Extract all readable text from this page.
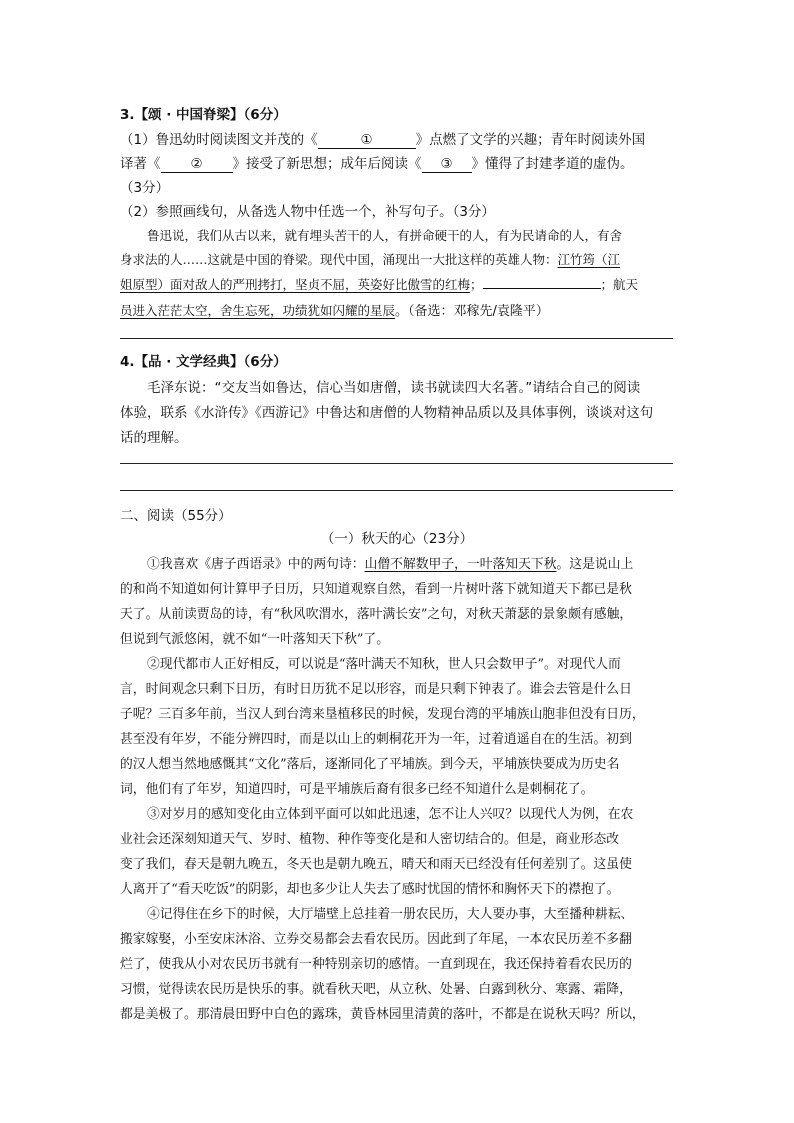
3.【颂 · 中国脊梁】（6分）
（1）鲁迅幼时阅读图文并茂的《	①	》点燃了文学的兴趣；青年时阅读外国
译著《 ② 》接受了新思想；成年后阅读《 ③ 》懂得了封建孝道的虚伪。
（3分）
（2）参照画线句，从备选人物中任选一个，补写句子。（3分）
鲁迅说，我们从古以来，就有埋头苦干的人，有拼命硬干的人，有为民请命的人，有舍
身求法的人……这就是中国的脊梁。现代中国，涌现出一大批这样的英雄人物：江竹筠（江
姐原型）面对敌人的严刑拷打，坚贞不屈，英姿好比傲雪的红梅；	；航天
员进入茫茫太空，舍生忘死，功绩犹如闪耀的星辰。（备选：邓稼先/袁隆平）
4.【品 · 文学经典】（6分）
毛泽东说：“交友当如鲁达，信心当如唐僧，读书就读四大名著。”请结合自己的阅读
体验，联系《水浒传》《西游记》中鲁达和唐僧的人物精神品质以及具体事例，谈谈对这句
话的理解。
二、阅读（55分）
（一）秋天的心（23分）
①我喜欢《唐子西语录》中的两句诗：山僧不解数甲子，一叶落知天下秋。这是说山上
的和尚不知道如何计算甲子日历，只知道观察自然，看到一片树叶落下就知道天下都已是秋
天了。从前读贾岛的诗，有“秋风吹渭水，落叶满长安”之句，对秋天萧瑟的景象颇有感触，
但说到气派悠闲，就不如“一叶落知天下秋”了。
②现代都市人正好相反，可以说是“落叶满天不知秋，世人只会数甲子”。对现代人而
言，时间观念只剩下日历，有时日历犹不足以形容，而是只剩下钟表了。谁会去管是什么日
子呢？三百多年前，当汉人到台湾来垦植移民的时候，发现台湾的平埔族山胞非但没有日历，
甚至没有年岁，不能分辨四时，而是以山上的刺桐花开为一年，过着逍遥自在的生活。初到
的汉人想当然地感慨其“文化”落后，逐渐同化了平埔族。到今天，平埔族快要成为历史名
词，他们有了年岁，知道四时，可是平埔族后裔有很多已经不知道什么是刺桐花了。
③对岁月的感知变化由立体到平面可以如此迅速，怎不让人兴叹？以现代人为例，在农
业社会还深刻知道天气、岁时、植物、种作等变化是和人密切结合的。但是，商业形态改
变了我们，春天是朝九晚五，冬天也是朝九晚五，晴天和雨天已经没有任何差别了。这虽使
人离开了“看天吃饭”的阴影，却也多少让人失去了感时忧国的情怀和胸怀天下的襟抱了。
④记得住在乡下的时候，大厅墙壁上总挂着一册农民历，大人要办事，大至播种耕耘、
搬家嫁娶，小至安床沐浴、立券交易都会去看农民历。因此到了年尾，一本农民历差不多翻
烂了，使我从小对农民历书就有一种特别亲切的感情。一直到现在，我还保持着看农民历的
习惯，觉得读农民历是快乐的事。就看秋天吧，从立秋、处暑、白露到秋分、寒露、霜降，
都是美极了。那清晨田野中白色的露珠，黄昏林园里清黄的落叶，不都是在说秋天吗？所以，
